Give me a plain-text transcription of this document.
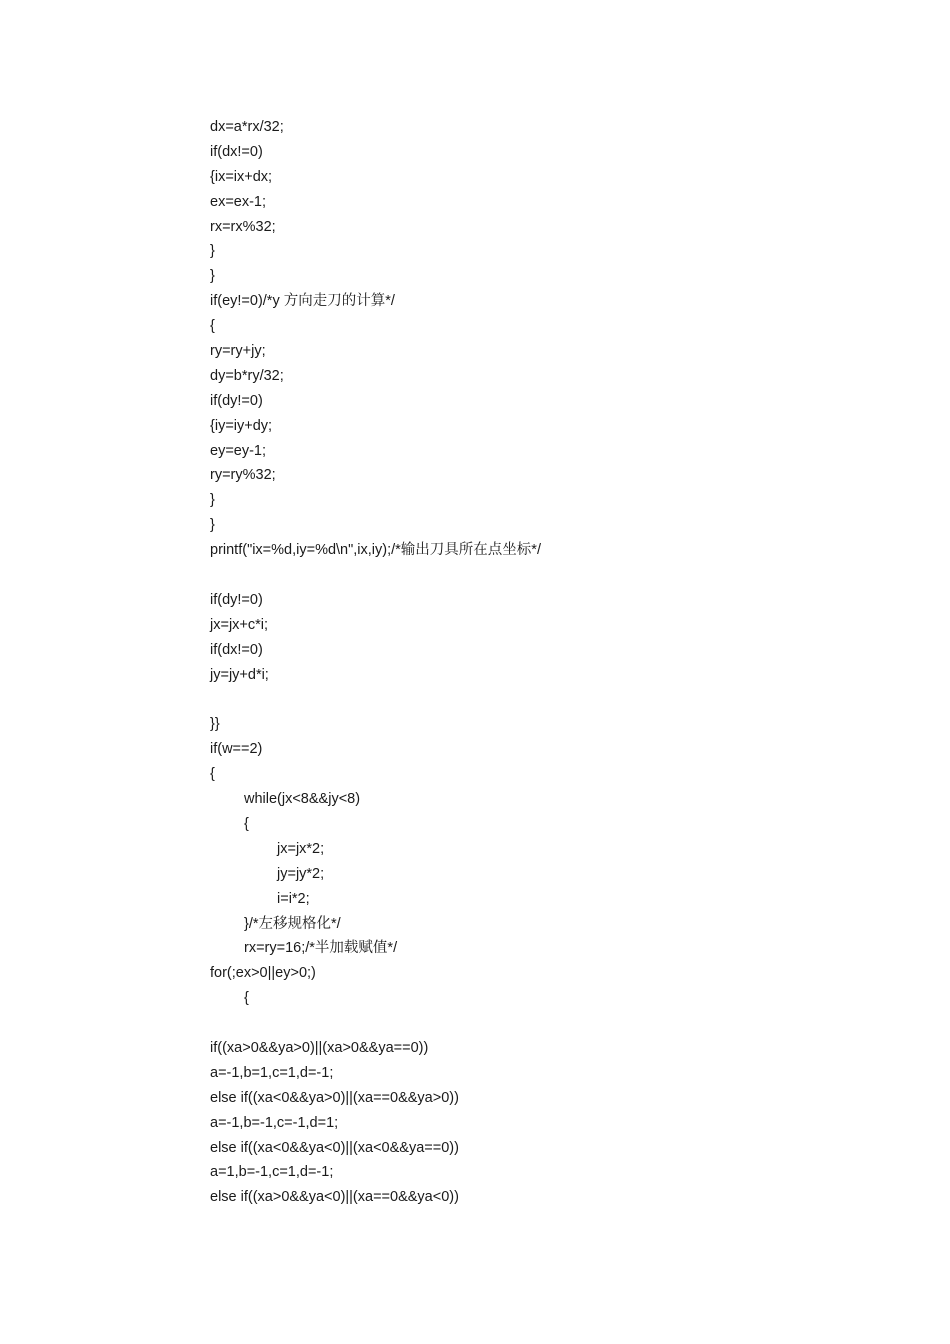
dx=a*rx/32;
if(dx!=0)
{ix=ix+dx;
ex=ex-1;
rx=rx%32;
}
}
if(ey!=0)/*y 方向走刀的计算*/
{
ry=ry+jy;
dy=b*ry/32;
if(dy!=0)
{iy=iy+dy;
ey=ey-1;
ry=ry%32;
}
}
printf("ix=%d,iy=%d\n",ix,iy);/*输出刀具所在点坐标*/
if(dy!=0)
jx=jx+c*i;
if(dx!=0)
jy=jy+d*i;
}}
if(w==2)
{
while(jx<8&&jy<8)
{
jx=jx*2;
jy=jy*2;
i=i*2;
}/*左移规格化*/
rx=ry=16;/*半加载赋值*/
for(;ex>0||ey>0;)
{
if((xa>0&&ya>0)||(xa>0&&ya==0))
a=-1,b=1,c=1,d=-1;
else if((xa<0&&ya>0)||(xa==0&&ya>0))
a=-1,b=-1,c=-1,d=1;
else if((xa<0&&ya<0)||(xa<0&&ya==0))
a=1,b=-1,c=1,d=-1;
else if((xa>0&&ya<0)||(xa==0&&ya<0))
